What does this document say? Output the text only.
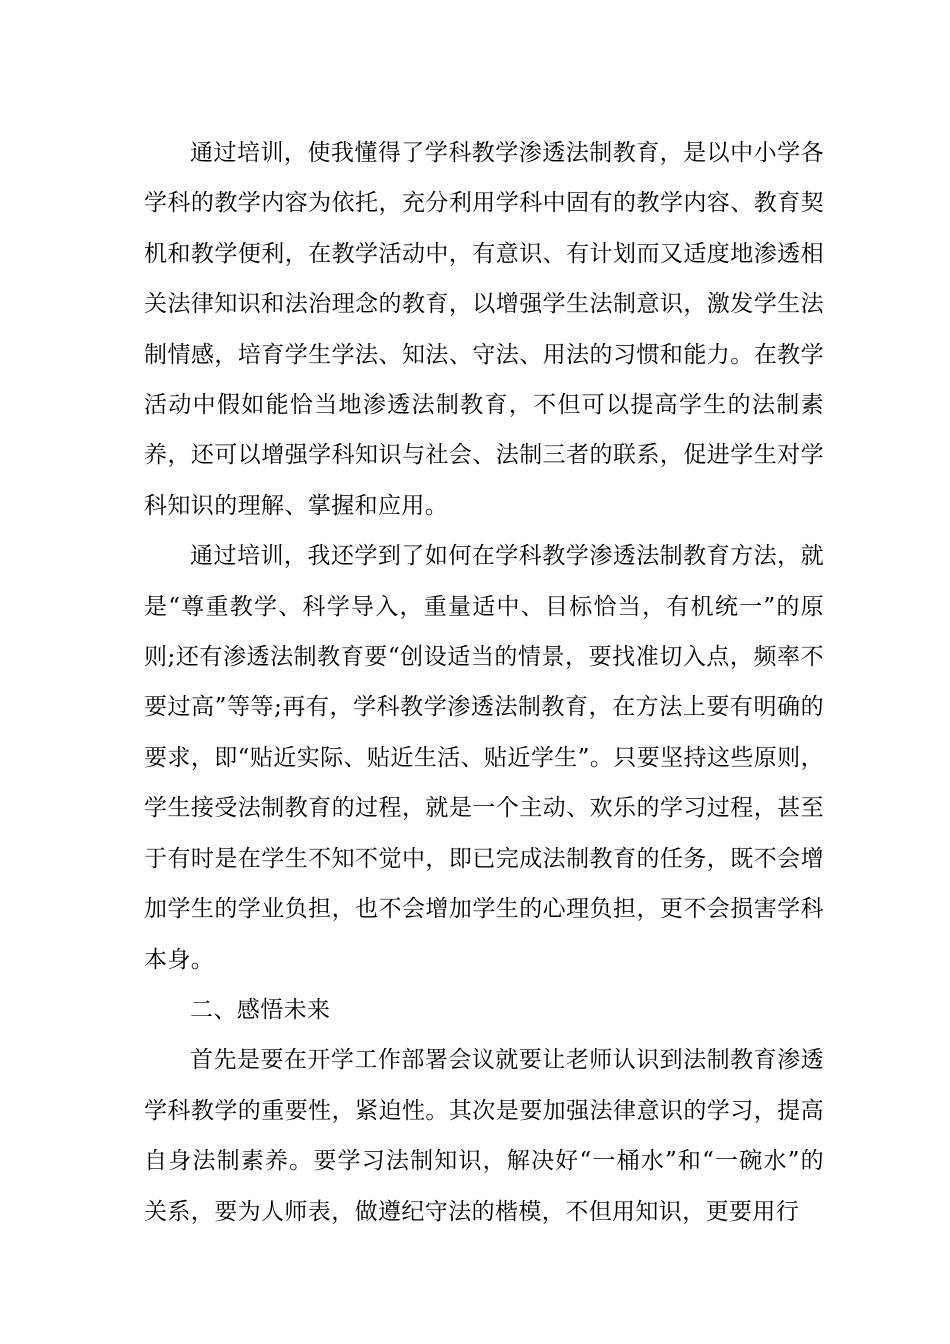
通过培训，使我懂得了学科教学渗透法制教育，是以中小学各学科的教学内容为依托，充分利用学科中固有的教学内容、教育契机和教学便利，在教学活动中，有意识、有计划而又适度地渗透相关法律知识和法治理念的教育，以增强学生法制意识，激发学生法制情感，培育学生学法、知法、守法、用法的习惯和能力。在教学活动中假如能恰当地渗透法制教育，不但可以提高学生的法制素养，还可以增强学科知识与社会、法制三者的联系，促进学生对学科知识的理解、掌握和应用。

通过培训，我还学到了如何在学科教学渗透法制教育方法，就是“尊重教学、科学导入，重量适中、目标恰当，有机统一”的原则;还有渗透法制教育要“创设适当的情景，要找准切入点，频率不要过高”等等;再有，学科教学渗透法制教育，在方法上要有明确的要求，即“贴近实际、贴近生活、贴近学生”。只要坚持这些原则，学生接受法制教育的过程，就是一个主动、欢乐的学习过程，甚至于有时是在学生不知不觉中，即已完成法制教育的任务，既不会增加学生的学业负担，也不会增加学生的心理负担，更不会损害学科本身。

二、感悟未来

首先是要在开学工作部署会议就要让老师认识到法制教育渗透学科教学的重要性，紧迫性。其次是要加强法律意识的学习，提高自身法制素养。要学习法制知识，解决好“一桶水”和“一碗水”的关系，要为人师表，做遵纪守法的楷模，不但用知识，更要用行
